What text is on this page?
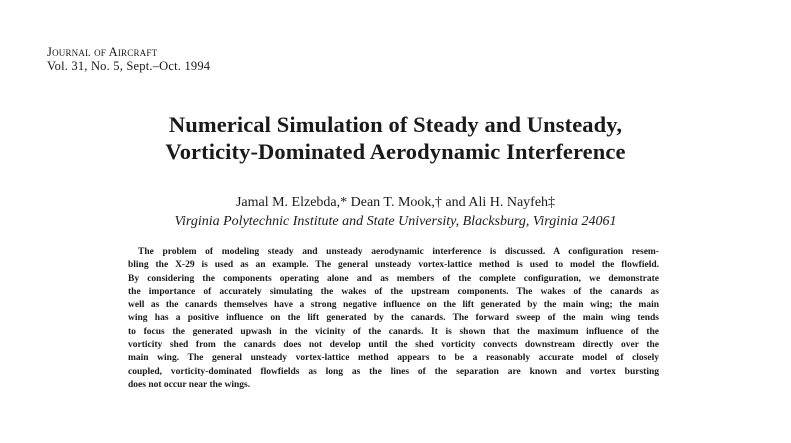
Journal of Aircraft
Vol. 31, No. 5, Sept.–Oct. 1994
Numerical Simulation of Steady and Unsteady,
Vorticity-Dominated Aerodynamic Interference
Jamal M. Elzebda,* Dean T. Mook,† and Ali H. Nayfeh‡
Virginia Polytechnic Institute and State University, Blacksburg, Virginia 24061
The problem of modeling steady and unsteady aerodynamic interference is discussed. A configuration resem-
bling the X-29 is used as an example. The general unsteady vortex-lattice method is used to model the flowfield.
By considering the components operating alone and as members of the complete configuration, we demonstrate
the importance of accurately simulating the wakes of the upstream components. The wakes of the canards as
well as the canards themselves have a strong negative influence on the lift generated by the main wing; the main
wing has a positive influence on the lift generated by the canards. The forward sweep of the main wing tends
to focus the generated upwash in the vicinity of the canards. It is shown that the maximum influence of the
vorticity shed from the canards does not develop until the shed vorticity convects downstream directly over the
main wing. The general unsteady vortex-lattice method appears to be a reasonably accurate model of closely
coupled, vorticity-dominated flowfields as long as the lines of the separation are known and vortex bursting
does not occur near the wings.
